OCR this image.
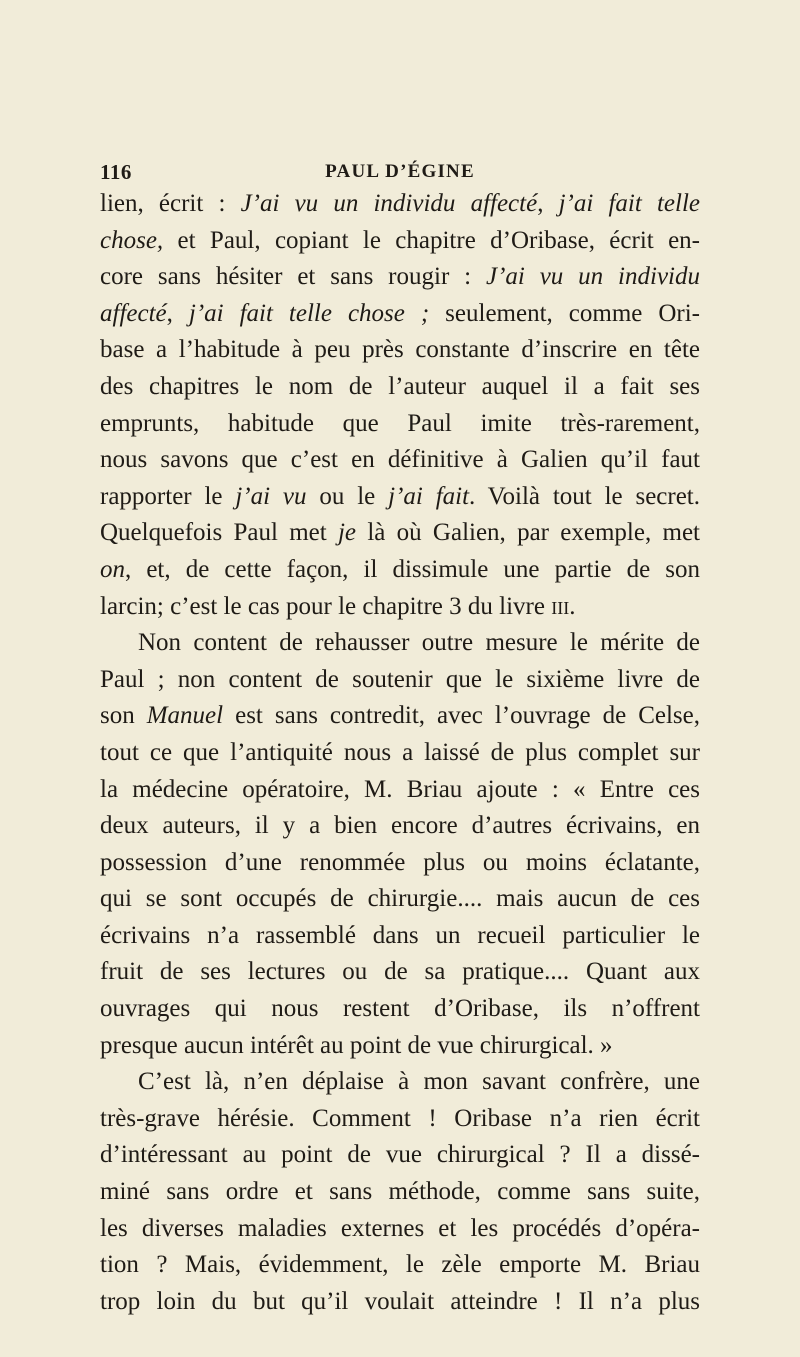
116	PAUL D’ÉGINE
lien, écrit : J’ai vu un individu affecté, j’ai fait telle
chose, et Paul, copiant le chapitre d’Oribase, écrit en-
core sans hésiter et sans rougir : J’ai vu un individu
affecté, j’ai fait telle chose ; seulement, comme Ori-
base a l’habitude à peu près constante d’inscrire en tête
des chapitres le nom de l’auteur auquel il a fait ses
emprunts, habitude que Paul imite très-rarement,
nous savons que c’est en définitive à Galien qu’il faut
rapporter le j’ai vu ou le j’ai fait. Voilà tout le secret.
Quelquefois Paul met je là où Galien, par exemple, met
on, et, de cette façon, il dissimule une partie de son
larcin; c’est le cas pour le chapitre 3 du livre iii.
Non content de rehausser outre mesure le mérite de
Paul ; non content de soutenir que le sixième livre de
son Manuel est sans contredit, avec l’ouvrage de Celse,
tout ce que l’antiquité nous a laissé de plus complet sur
la médecine opératoire, M. Briau ajoute : « Entre ces
deux auteurs, il y a bien encore d’autres écrivains, en
possession d’une renommée plus ou moins éclatante,
qui se sont occupés de chirurgie.... mais aucun de ces
écrivains n’a rassemblé dans un recueil particulier le
fruit de ses lectures ou de sa pratique.... Quant aux
ouvrages qui nous restent d’Oribase, ils n’offrent
presque aucun intérêt au point de vue chirurgical. »
C’est là, n’en déplaise à mon savant confrère, une
très-grave hérésie. Comment ! Oribase n’a rien écrit
d’intéressant au point de vue chirurgical ? Il a dissé-
miné sans ordre et sans méthode, comme sans suite,
les diverses maladies externes et les procédés d’opéra-
tion ? Mais, évidemment, le zèle emporte M. Briau
trop loin du but qu’il voulait atteindre ! Il n’a plus
